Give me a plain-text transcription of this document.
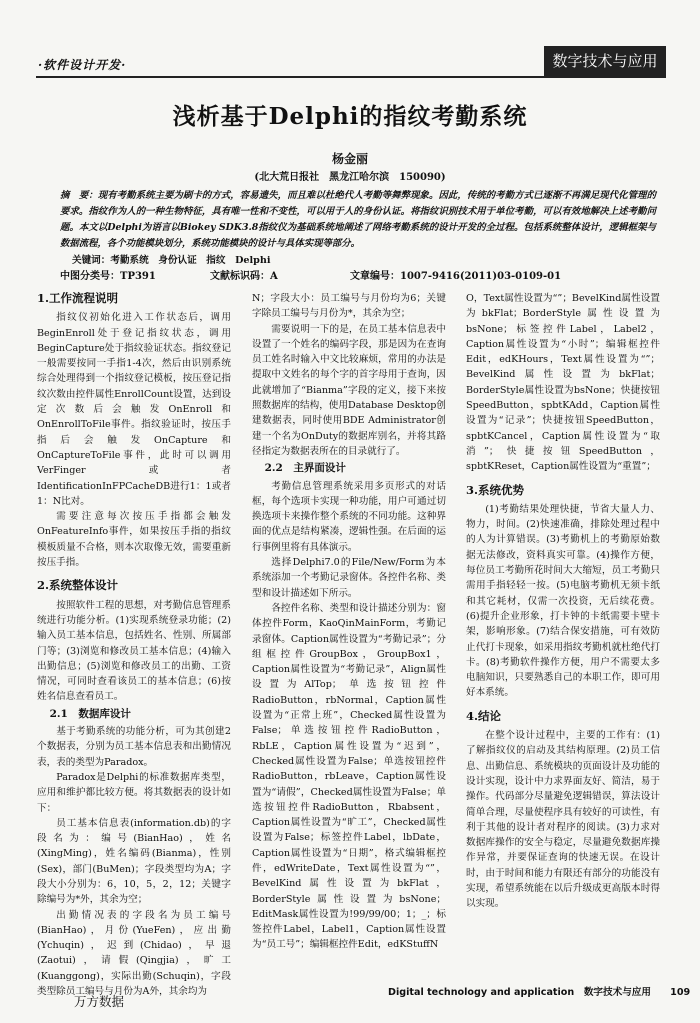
·软件设计开发·	数字技术与应用
浅析基于Delphi的指纹考勤系统
杨金丽
(北大荒日报社　黑龙江哈尔滨　150090)
摘　要：现有考勤系统主要为刷卡的方式，容易遗失，而且难以杜绝代人考勤等舞弊现象。因此，传统的考勤方式已逐渐不再满足现代化管理的要求。指纹作为人的一种生物特征，具有唯一性和不变性，可以用于人的身份认证。将指纹识别技术用于单位考勤，可以有效地解决上述考勤问题。本文以Delphi为语言以Biokey SDK3.8指纹仪为基础系统地阐述了网络考勤系统的设计开发的全过程。包括系统整体设计，逻辑框架与数据流程，各个功能模块划分，系统功能模块的设计与具体实现等部分。
关键词：考勤系统　身份认证　指纹　Delphi
中图分类号：TP391	文献标识码：A	文章编号：1007-9416(2011)03-0109-01
1.工作流程说明

指纹仪初始化进入工作状态后，调用BeginEnroll处于登记指纹状态，调用BeginCapture处于指纹验证状态。指纹登记一般需要按同一手指1-4次，然后由识别系统综合处理得到一个指纹登记模板，按压登记指纹次数由控件属性EnrollCount设置，达到设定次数后会触发OnEnroll和OnEnrollToFile事件。指纹验证时，按压手指后会触发OnCapture和OnCaptureToFile事件，此时可以调用VerFinger或者IdentificationInFPCacheDB进行1：1或者1：N比对。

需要注意每次按压手指都会触发OnFeatureInfo事件，如果按压手指的指纹模板质量不合格，则本次取像无效，需要重新按压手指。

2.系统整体设计

按照软件工程的思想，对考勤信息管理系统进行功能分析。(1)实现系统登录功能；(2)输入员工基本信息，包括姓名、性别、所属部门等；(3)浏览和修改员工基本信息；(4)输入出勤信息；(5)浏览和修改员工的出勤、工资情况，可同时查看该员工的基本信息；(6)按姓名信息查看员工。

2.1　数据库设计

基于考勤系统的功能分析，可为其创建2个数据表，分别为员工基本信息表和出勤情况表，表的类型为Paradox。

Paradox是Delphi的标准数据库类型，应用和维护都比较方便。将其数据表的设计如下：

员工基本信息表(information.db)的字段名为：编号(BianHao)，姓名(XingMing)，姓名编码(Bianma)，性别(Sex)，部门(BuMen)；字段类型均为A；字段大小分别为：6，10，5，2，12；关键字除编号为*外，其余为空；

出勤情况表的字段名为员工编号(BianHao)，月份(YueFen)，应出勤(Ychuqin)，迟到(Chidao)，早退(Zaotui)，请假(Qingjia)，旷工(Kuanggong)，实际出勤(Schuqin)，字段类型除员工编号与月份为A外，其余均为

N；字段大小：员工编号与月份均为6；关键字除员工编号与月份为*，其余为空；

需要说明一下的是，在员工基本信息表中设置了一个姓名的编码字段，那是因为在查询员工姓名时输入中文比较麻烦，常用的办法是提取中文姓名的每个字的首字母用于查询，因此就增加了“Bianma”字段的定义，接下来按照数据库的结构，使用Database Desktop创建数据表，同时使用BDE Administrator创建一个名为OnDuty的数据库别名，并将其路径指定为数据表所在的目录就行了。

2.2　主界面设计

考勤信息管理系统采用多页形式的对话框，每个选项卡实现一种功能，用户可通过切换选项卡来操作整个系统的不同功能。这种界面的优点是结构紧凑，逻辑性强。在后面的运行事例里将有具体演示。

选择Delphi7.0的File/New/Form为本系统添加一个考勤记录窗体。各控件名称、类型和设计描述如下所示。

各控件名称、类型和设计描述分别为：窗体控件Form，KaoQinMainForm，考勤记录窗体。Caption属性设置为“考勤记录”；分组框控件GroupBox，GroupBox1，Caption属性设置为“考勤记录”，Align属性设置为AlTop；单选按钮控件RadioButton，rbNormal，Caption属性设置为“正常上班”，Checked属性设置为False；单选按钮控件RadioButton，RbLE，Caption属性设置为“迟到”，Checked属性设置为False；单选按钮控件RadioButton，rbLeave，Caption属性设置为“请假”，Checked属性设置为False；单选按钮控件RadioButton，Rbabsent，Caption属性设置为“旷工”，Checked属性设置为False；标签控件Label，lbDate，Caption属性设置为“日期”，格式编辑框控件，edWriteDate，Text属性设置为“”，BevelKind属性设置为bkFlat，BorderStyle属性设置为bsNone；EditMask属性设置为!99/99/00；1；_；标签控件Label，Label1，Caption属性设置为“员工号”；编辑框控件Edit，edKStuffN

O，Text属性设置为“”；BevelKind属性设置为bkFlat；BorderStyle属性设置为bsNone；标签控件Label，Label2，Caption属性设置为“小时”；编辑框控件Edit，edKHours，Text属性设置为“”；BevelKind属性设置为bkFlat；BorderStyle属性设置为bsNone；快捷按钮SpeedButton，spbtKAdd，Caption属性设置为“记录”；快捷按钮SpeedButton，spbtKCancel，Caption属性设置为“取消”；快捷按钮SpeedButton，spbtKReset，Caption属性设置为“重置”；

3.系统优势

(1)考勤结果处理快捷，节省大量人力、物力，时间。(2)快速准确，排除处理过程中的人为计算错误。(3)考勤机上的考勤原始数据无法修改，资料真实可靠。(4)操作方便，每位员工考勤所花时间大大缩短，员工考勤只需用手指轻轻一按。(5)电脑考勤机无须卡纸和其它耗材，仅需一次投资，无后续花费。(6)提升企业形象，打卡钟的卡纸需要卡壁卡架，影响形象。(7)结合保安措施，可有效防止代打卡现象，如采用指纹考勤机就杜绝代打卡。(8)考勤软件操作方便，用户不需要太多电脑知识，只要熟悉自己的本职工作，即可用好本系统。

4.结论

在整个设计过程中，主要的工作有：(1)了解指纹仪的启动及其结构原理。(2)员工信息、出勤信息、系统模块的页面设计及功能的设计实现，设计中力求界面友好、简洁，易于操作。代码部分尽量避免逻辑错误，算法设计简单合理，尽量使程序具有较好的可读性，有利于其他的设计者对程序的阅读。(3)力求对数据库操作的安全与稳定，尽量避免数据库操作异常，并要保证查询的快速无误。在设计时，由于时间和能力有限还有部分的功能没有实现，希望系统能在以后升级成更高版本时得以实现。

万方数据
Digital technology and application　数字技术与应用　　109
